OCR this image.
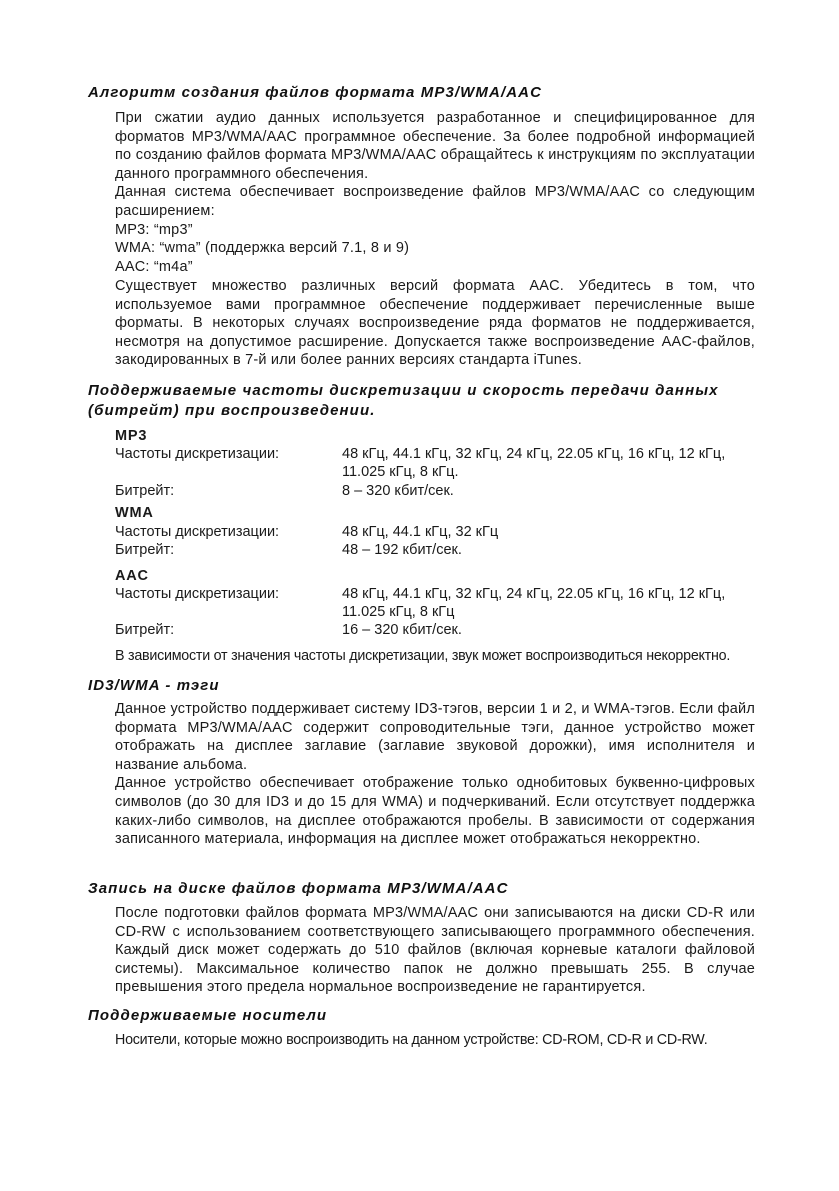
Алгоритм создания файлов формата MP3/WMA/AAC

При сжатии аудио данных используется разработанное и специфицированное для форматов MP3/WMA/AAC программное обеспечение. За более подробной информацией по созданию файлов формата MP3/WMA/AAC обращайтесь к инструкциям по эксплуатации данного программного обеспечения.

Данная система обеспечивает воспроизведение файлов MP3/WMA/AAC со следующим расширением:

MP3: “mp3”

WMA: “wma” (поддержка версий 7.1, 8 и 9)

AAC: “m4a”

Существует множество различных версий формата AAC. Убедитесь в том, что используемое вами программное обеспечение поддерживает перечисленные выше форматы. В некоторых случаях воспроизведение ряда форматов не поддерживается, несмотря на допустимое расширение. Допускается также воспроизведение AAC-файлов, закодированных в 7-й или более ранних версиях стандарта iTunes.
Поддерживаемые частоты дискретизации и скорость передачи данных (битрейт) при воспроизведении.
MP3
Частоты дискретизации:	48 кГц, 44.1 кГц, 32 кГц, 24 кГц, 22.05 кГц, 16 кГц, 12 кГц, 11.025 кГц, 8 кГц.
Битрейт:	8 – 320 кбит/сек.
WMA
Частоты дискретизации:	48 кГц, 44.1 кГц, 32 кГц
Битрейт:	48 – 192 кбит/сек.
AAC
Частоты дискретизации:	48 кГц, 44.1 кГц, 32 кГц, 24 кГц, 22.05 кГц, 16 кГц, 12 кГц, 11.025 кГц, 8 кГц
Битрейт:	16 – 320 кбит/сек.
В зависимости от значения частоты дискретизации, звук может воспроизводиться некорректно.
ID3/WMA - тэги

Данное устройство поддерживает систему ID3-тэгов, версии 1 и 2, и WMA-тэгов. Если файл формата MP3/WMA/AAC содержит сопроводительные тэги, данное устройство может отображать на дисплее заглавие (заглавие звуковой дорожки), имя исполнителя и название альбома.

Данное устройство обеспечивает отображение только однобитовых буквенно-цифровых символов (до 30 для ID3 и до 15 для WMA) и подчеркиваний. Если отсутствует поддержка каких-либо символов, на дисплее отображаются пробелы. В зависимости от содержания записанного материала, информация на дисплее может отображаться некорректно.

Запись на диске файлов формата MP3/WMA/AAC
После подготовки файлов формата MP3/WMA/AAC они записываются на диски CD-R или CD-RW с использованием соответствующего записывающего программного обеспечения. Каждый диск может содержать до 510 файлов (включая корневые каталоги файловой системы). Максимальное количество папок не должно превышать 255. В случае превышения этого предела нормальное воспроизведение не гарантируется.
Поддерживаемые носители
Носители, которые можно воспроизводить на данном устройстве: CD-ROM, CD-R и CD-RW.
